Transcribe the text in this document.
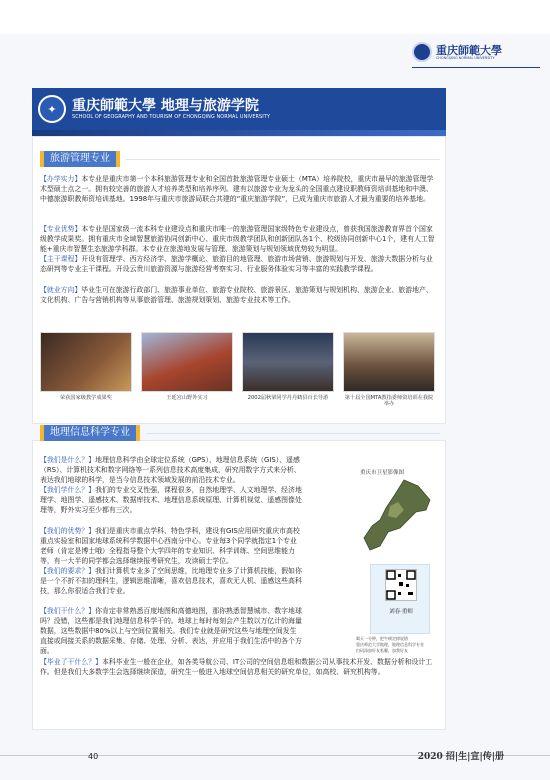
重庆師範大學
CHONGQING NORMAL UNIVERSITY
✦	重庆師範大學 地理与旅游学院
SCHOOL OF GEOGRAPHY AND TOURISM OF CHONGQING NORMAL UNIVERSITY
旅游管理专业
【办学实力】本专业是重庆市第一个本科旅游管理专业和全国首批旅游管理专业硕士（MTA）培养院校，重庆市最早的旅游管理学术型硕士点之一。拥有较完善的旅游人才培养类型和培养序列。建有以旅游专业为龙头的全国重点建设职教师资培训基地和中澳、中德旅游职教师资培训基地。1998年与重庆市旅游局联合共建的“重庆旅游学院”，已成为重庆市旅游人才最为重要的培养基地。
【专业优势】本专业是国家级一流本科专业建设点和重庆市唯一的旅游管理国家级特色专业建设点，曾获我国旅游教育界首个国家级教学成果奖。拥有重庆市全域智慧旅游协同创新中心、重庆市级教学团队和创新团队各1个、校级协同创新中心1个，建有人工智能+重庆市智慧生态旅游学科群。本专业在旅游地发展与管理、旅游策划与规划领域优势较为明显。
【主干课程】开设有管理学、西方经济学、旅游学概论、旅游目的地管理、旅游市场营销、旅游规划与开发、旅游大数据分析与业态研判等专业主干课程。开设云贵川旅游资源与旅游经营考察实习、行业服务体验实习等丰富的实践教学课程。
【就业方向】毕业生可在旅游行政部门、旅游事业单位、旅游专业院校、旅游景区、旅游策划与规划机构、旅游企业、旅游地产、文化机构、广告与营销机构等从事旅游管理、旅游规划策划、旅游专业技术等工作。
荣获国家级教学成果奖	王延宫山野外实习	2002届秋梁同学丹丹鹤县百长导游	第十届全国MTA教指委师资培训在我院举办
地理信息科学专业
【我们是什么？】地理信息科学由全球定位系统（GPS）、地理信息系统（GIS）、遥感（RS）、计算机技术和数字网络等一系列信息技术高度集成，研究用数字方式来分析、表达我们地球的科学，是当今信息技术领域发展的前沿技术专业。
【我们学什么？】我们的专业交叉性强，课程很多，自然地理学、人文地理学、经济地理学、地图学、遥感技术、数据库技术、地理信息系统原理、计算机视觉、遥感图像处理等，野外实习至少都有三次。
【我们的优势？】我们是重庆市重点学科、特色学科，建设有GIS应用研究重庆市高校重点实验室和国家地球系统科学数据中心西南分中心。专业每3个同学就指定1个专业老师（肯定是博士哦）全程指导整个大学四年的专业知识、科学训练、空间思维能力等，有一大半的同学都会选择继续报考研究生，攻读硕士学位。
【我们的要求？】我们计算机专业多了空间思维，比地理专业多了计算机技能，假如你是一个不折不扣的理科生，逻辑思维清晰，喜欢信息技术，喜欢无人机、遥感这些高科技，那么你很适合我们专业。
【我们干什么？】你肯定非常熟悉百度地图和高德地图，那你熟悉智慧城市、数字地球吗？没错，这些都是我们地理信息科学干的。地球上每时每刻会产生数以万亿计的海量数据，这些数据中80%以上与空间位置相关。我们专业就是研究这些与地理空间发生直接或间接关系的数据采集、存储、处理、分析、表达，并应用于我们生活中的各个方面。
【毕业了干什么？】本科毕业生一般在企业，如各类导航公司、IT公司的空间信息组和数据公司从事技术开发、数据分析和设计工作。但是我们大多数学生会选择继续深造，研究生一般进入地球空间信息相关的研究单位，如高校、研究机构等。
重庆市卫星影像图
刘春·重师
喝天一分钟，把牛顿定律说错
重庆师范大学地理，地理信息科学专业
扫码添加好友私聊，加我好友
40	2020 招|生|宣|传|册
